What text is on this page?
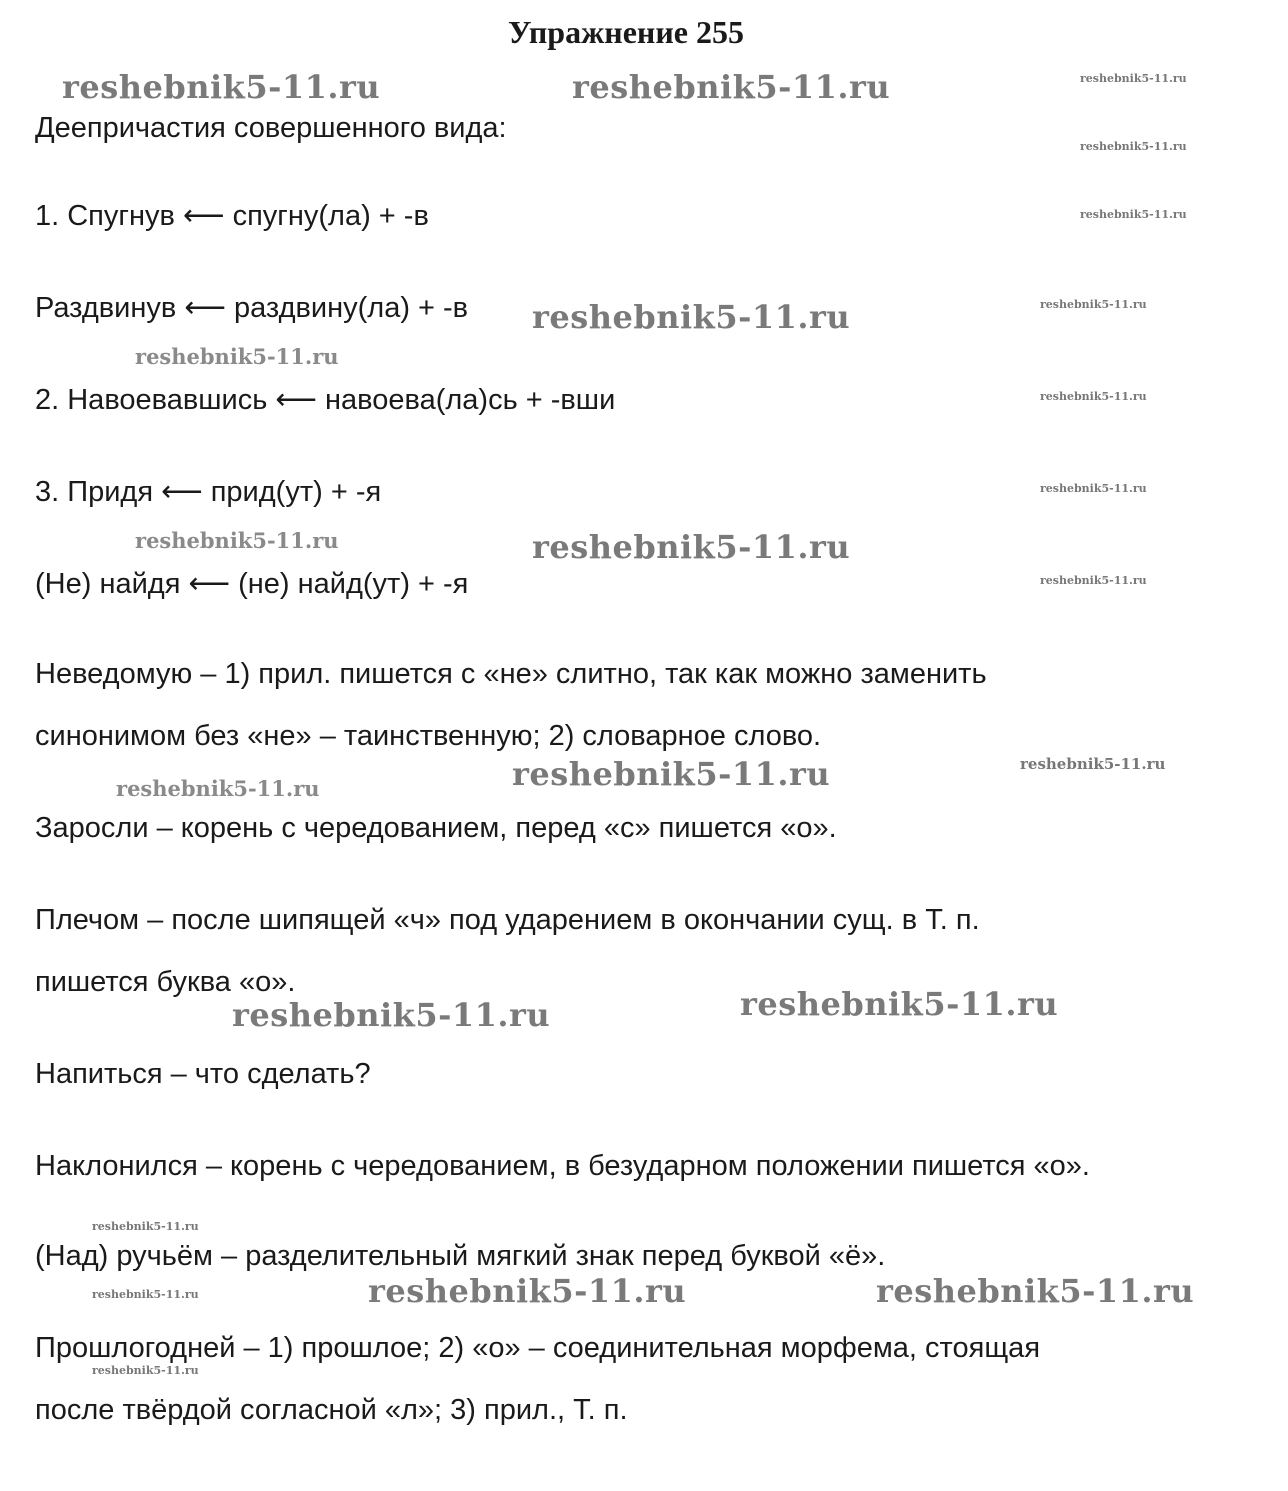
Упражнение 255
reshebnik5-11.ru	reshebnik5-11.ru	reshebnik5-11.ru
reshebnik5-11.ru
reshebnik5-11.ru
reshebnik5-11.ru	reshebnik5-11.ru
reshebnik5-11.ru
reshebnik5-11.ru
reshebnik5-11.ru
reshebnik5-11.ru	reshebnik5-11.ru
reshebnik5-11.ru
reshebnik5-11.ru	reshebnik5-11.ru	reshebnik5-11.ru
reshebnik5-11.ru	reshebnik5-11.ru
reshebnik5-11.ru
reshebnik5-11.ru	reshebnik5-11.ru
reshebnik5-11.ru
reshebnik5-11.ru
Деепричастия совершенного вида:
1. Спугнув ⟵ спугну(ла) + -в
Раздвинув ⟵ раздвину(ла) + -в
2. Навоевавшись ⟵ навоева(ла)сь + -вши
3. Придя ⟵ прид(ут) + -я
(Не) найдя ⟵ (не) найд(ут) + -я
Неведомую – 1) прил. пишется с «не» слитно, так как можно заменить
синонимом без «не» – таинственную; 2) словарное слово.
Заросли – корень с чередованием, перед «с» пишется «о».
Плечом – после шипящей «ч» под ударением в окончании сущ. в Т. п.
пишется буква «о».
Напиться – что сделать?
Наклонился – корень с чередованием, в безударном положении пишется «о».
(Над) ручьём – разделительный мягкий знак перед буквой «ё».
Прошлогодней – 1) прошлое; 2) «о» – соединительная морфема, стоящая
после твёрдой согласной «л»; 3) прил., Т. п.
